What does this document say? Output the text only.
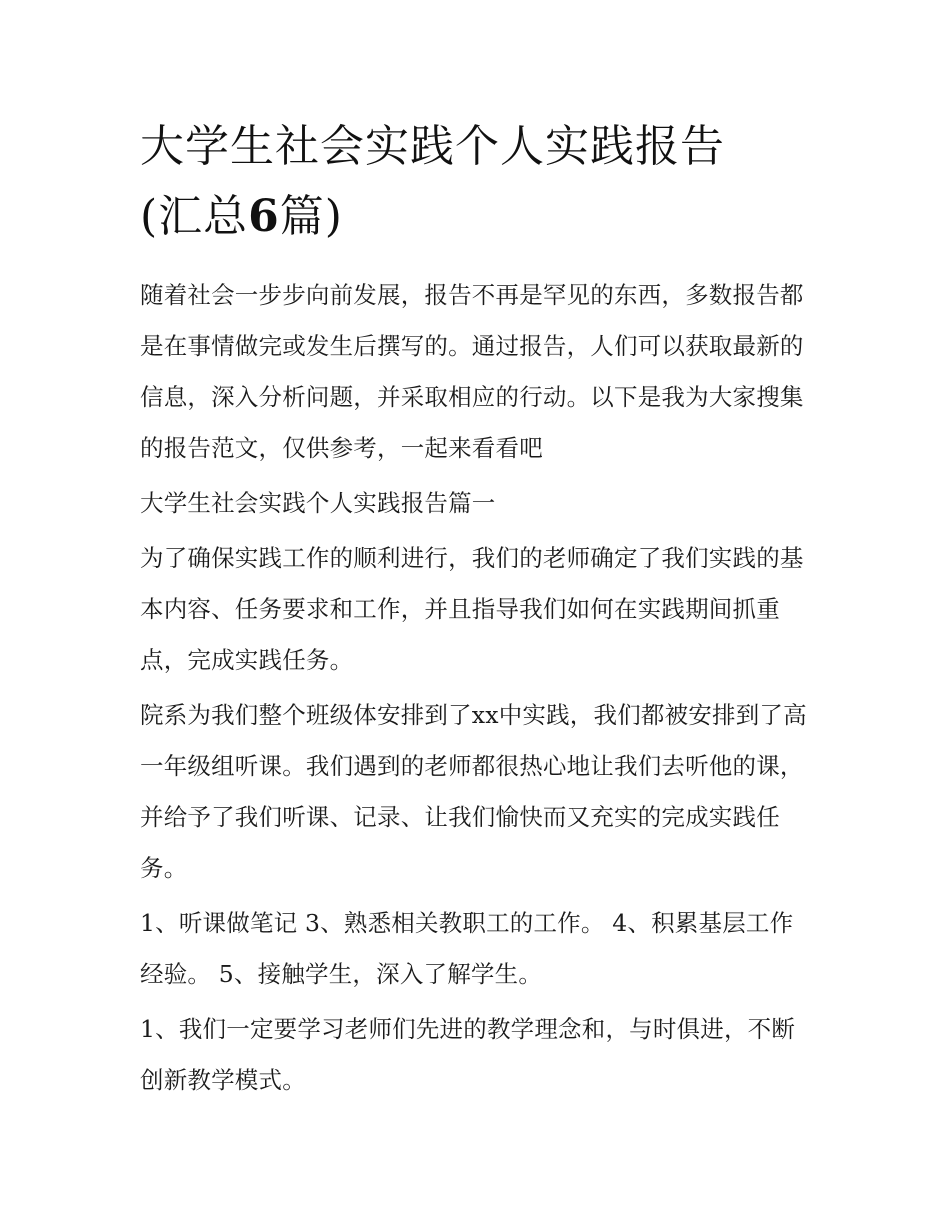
大学生社会实践个人实践报告
(汇总6篇)

随着社会一步步向前发展，报告不再是罕见的东西，多数报告都是在事情做完或发生后撰写的。通过报告，人们可以获取最新的信息，深入分析问题，并采取相应的行动。以下是我为大家搜集的报告范文，仅供参考，一起来看看吧

大学生社会实践个人实践报告篇一

为了确保实践工作的顺利进行，我们的老师确定了我们实践的基本内容、任务要求和工作，并且指导我们如何在实践期间抓重点，完成实践任务。

院系为我们整个班级体安排到了xx中实践，我们都被安排到了高一年级组听课。我们遇到的老师都很热心地让我们去听他的课，并给予了我们听课、记录、让我们愉快而又充实的完成实践任务。

1、听课做笔记 3、熟悉相关教职工的工作。 4、积累基层工作经验。 5、接触学生，深入了解学生。

1、我们一定要学习老师们先进的教学理念和，与时俱进，不断创新教学模式。
